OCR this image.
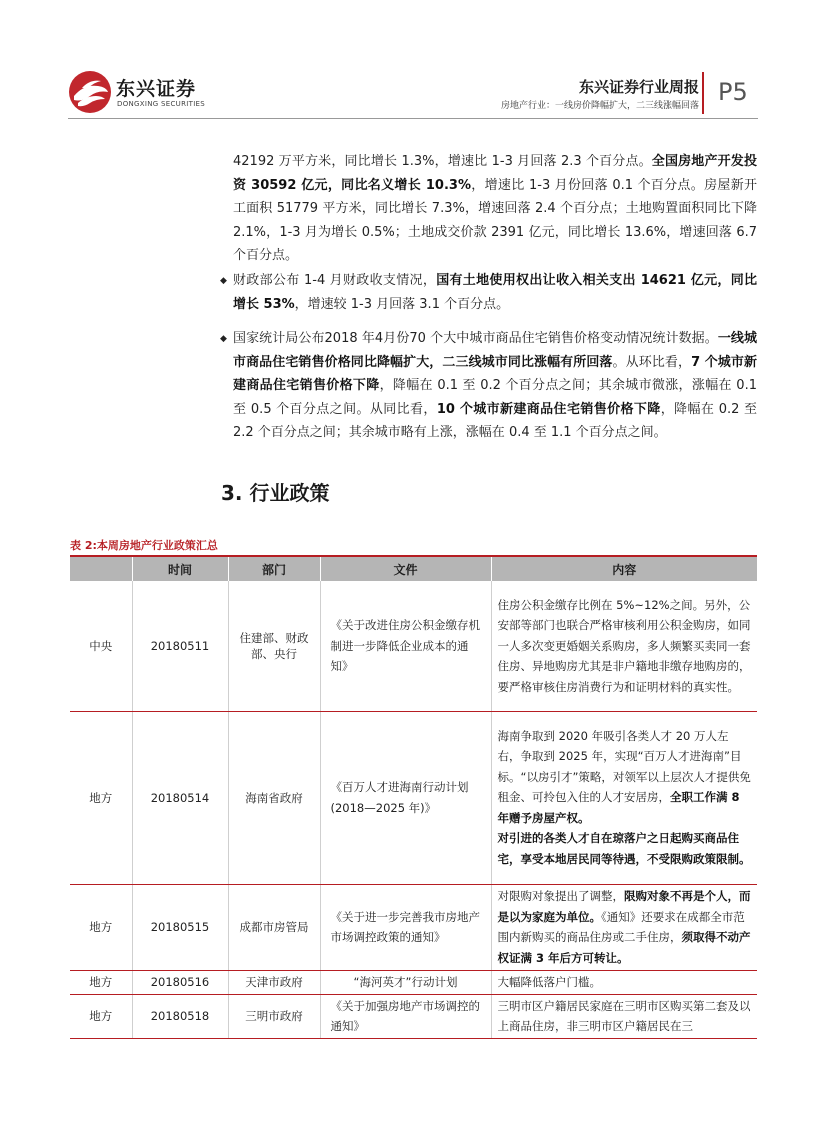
东兴证券
DONGXING SECURITIES
东兴证券行业周报
房地产行业：一线房价降幅扩大，二三线涨幅回落 P5
42192 万平方米，同比增长 1.3%，增速比 1-3 月回落 2.3 个百分点。全国房地产开发投资 30592 亿元，同比名义增长 10.3%，增速比 1-3 月份回落 0.1 个百分点。房屋新开工面积 51779 平方米，同比增长 7.3%，增速回落 2.4 个百分点；土地购置面积同比下降 2.1%，1-3 月为增长 0.5%；土地成交价款 2391 亿元，同比增长 13.6%，增速回落 6.7 个百分点。
◆ 财政部公布 1-4 月财政收支情况，国有土地使用权出让收入相关支出 14621 亿元，同比增长 53%，增速较 1-3 月回落 3.1 个百分点。
◆ 国家统计局公布2018 年4月份70 个大中城市商品住宅销售价格变动情况统计数据。一线城市商品住宅销售价格同比降幅扩大，二三线城市同比涨幅有所回落。从环比看，7 个城市新建商品住宅销售价格下降，降幅在 0.1 至 0.2 个百分点之间；其余城市微涨，涨幅在 0.1 至 0.5 个百分点之间。从同比看，10 个城市新建商品住宅销售价格下降，降幅在 0.2 至 2.2 个百分点之间；其余城市略有上涨，涨幅在 0.4 至 1.1 个百分点之间。
3. 行业政策
表 2:本周房地产行业政策汇总
	时间	部门	文件	内容
中央	20180511	住建部、财政部、央行	《关于改进住房公积金缴存机制进一步降低企业成本的通知》	住房公积金缴存比例在 5%~12%之间。另外，公安部等部门也联合严格审核利用公积金购房，如同一人多次变更婚姻关系购房，多人频繁买卖同一套住房、异地购房尤其是非户籍地非缴存地购房的，要严格审核住房消费行为和证明材料的真实性。
地方	20180514	海南省政府	《百万人才进海南行动计划(2018—2025 年)》	海南争取到 2020 年吸引各类人才 20 万人左右，争取到 2025 年，实现“百万人才进海南”目标。“以房引才”策略，对领军以上层次人才提供免租金、可拎包入住的人才安居房，全职工作满 8 年赠予房屋产权。
对引进的各类人才自在琼落户之日起购买商品住宅，享受本地居民同等待遇，不受限购政策限制。
地方	20180515	成都市房管局	《关于进一步完善我市房地产市场调控政策的通知》	对限购对象提出了调整，限购对象不再是个人，而是以为家庭为单位。《通知》还要求在成都全市范围内新购买的商品住房或二手住房，须取得不动产权证满 3 年后方可转让。
地方	20180516	天津市政府	“海河英才”行动计划	大幅降低落户门槛。
地方	20180518	三明市政府	《关于加强房地产市场调控的通知》	三明市区户籍居民家庭在三明市区购买第二套及以上商品住房，非三明市区户籍居民在三
